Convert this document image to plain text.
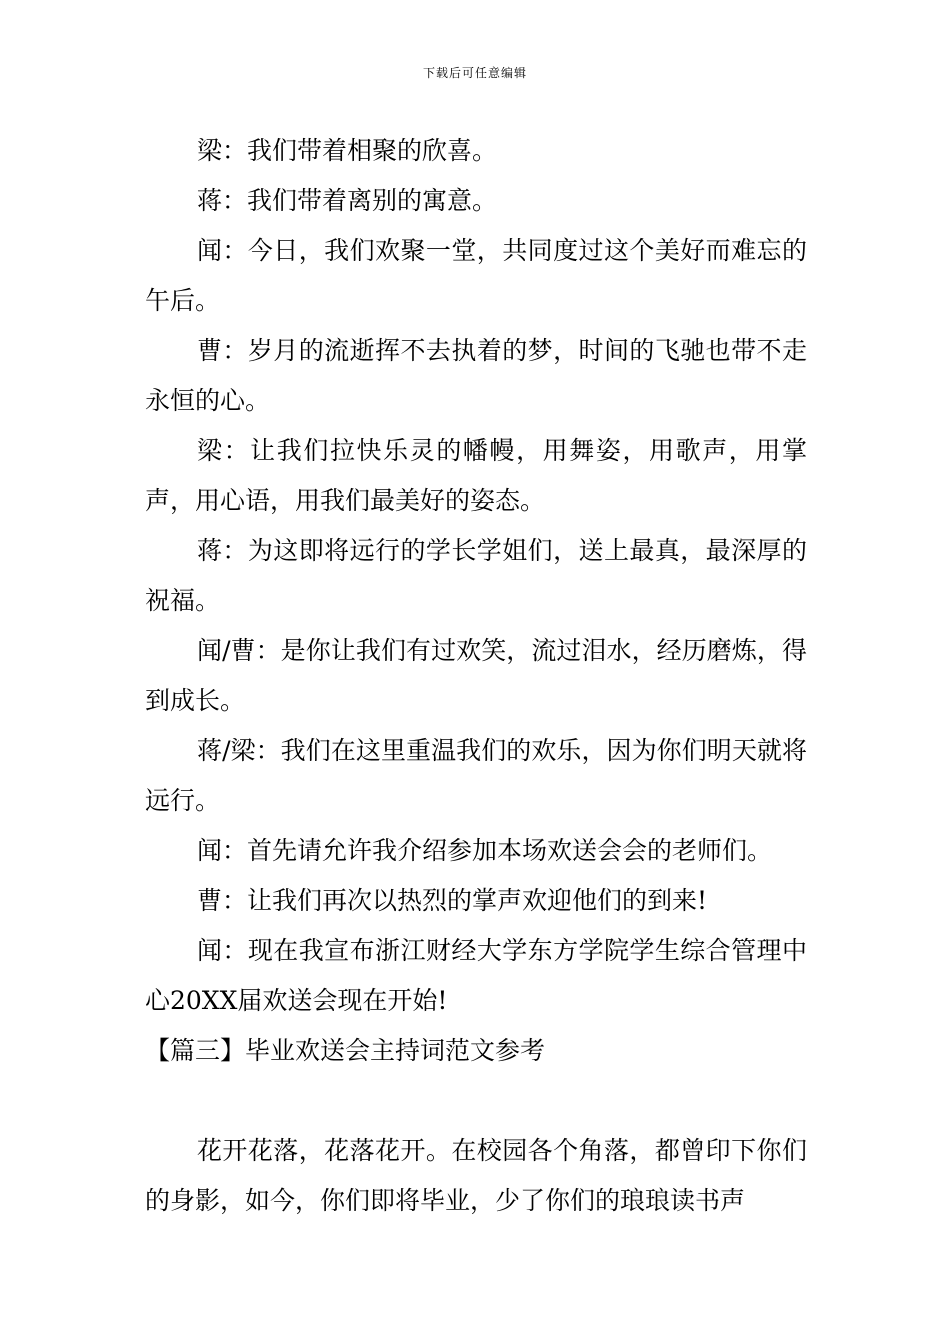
下载后可任意编辑

梁：我们带着相聚的欣喜。

蒋：我们带着离别的寓意。

闻：今日，我们欢聚一堂，共同度过这个美好而难忘的午后。

曹：岁月的流逝挥不去执着的梦，时间的飞驰也带不走永恒的心。

梁：让我们拉快乐灵的幡幔，用舞姿，用歌声，用掌声，用心语，用我们最美好的姿态。

蒋：为这即将远行的学长学姐们，送上最真，最深厚的祝福。

闻/曹：是你让我们有过欢笑，流过泪水，经历磨炼，得到成长。

蒋/梁：我们在这里重温我们的欢乐，因为你们明天就将远行。

闻：首先请允许我介绍参加本场欢送会会的老师们。

曹：让我们再次以热烈的掌声欢迎他们的到来!

闻：现在我宣布浙江财经大学东方学院学生综合管理中心20XX届欢送会现在开始!

【篇三】毕业欢送会主持词范文参考

花开花落，花落花开。在校园各个角落，都曾印下你们的身影，如今，你们即将毕业，少了你们的琅琅读书声
